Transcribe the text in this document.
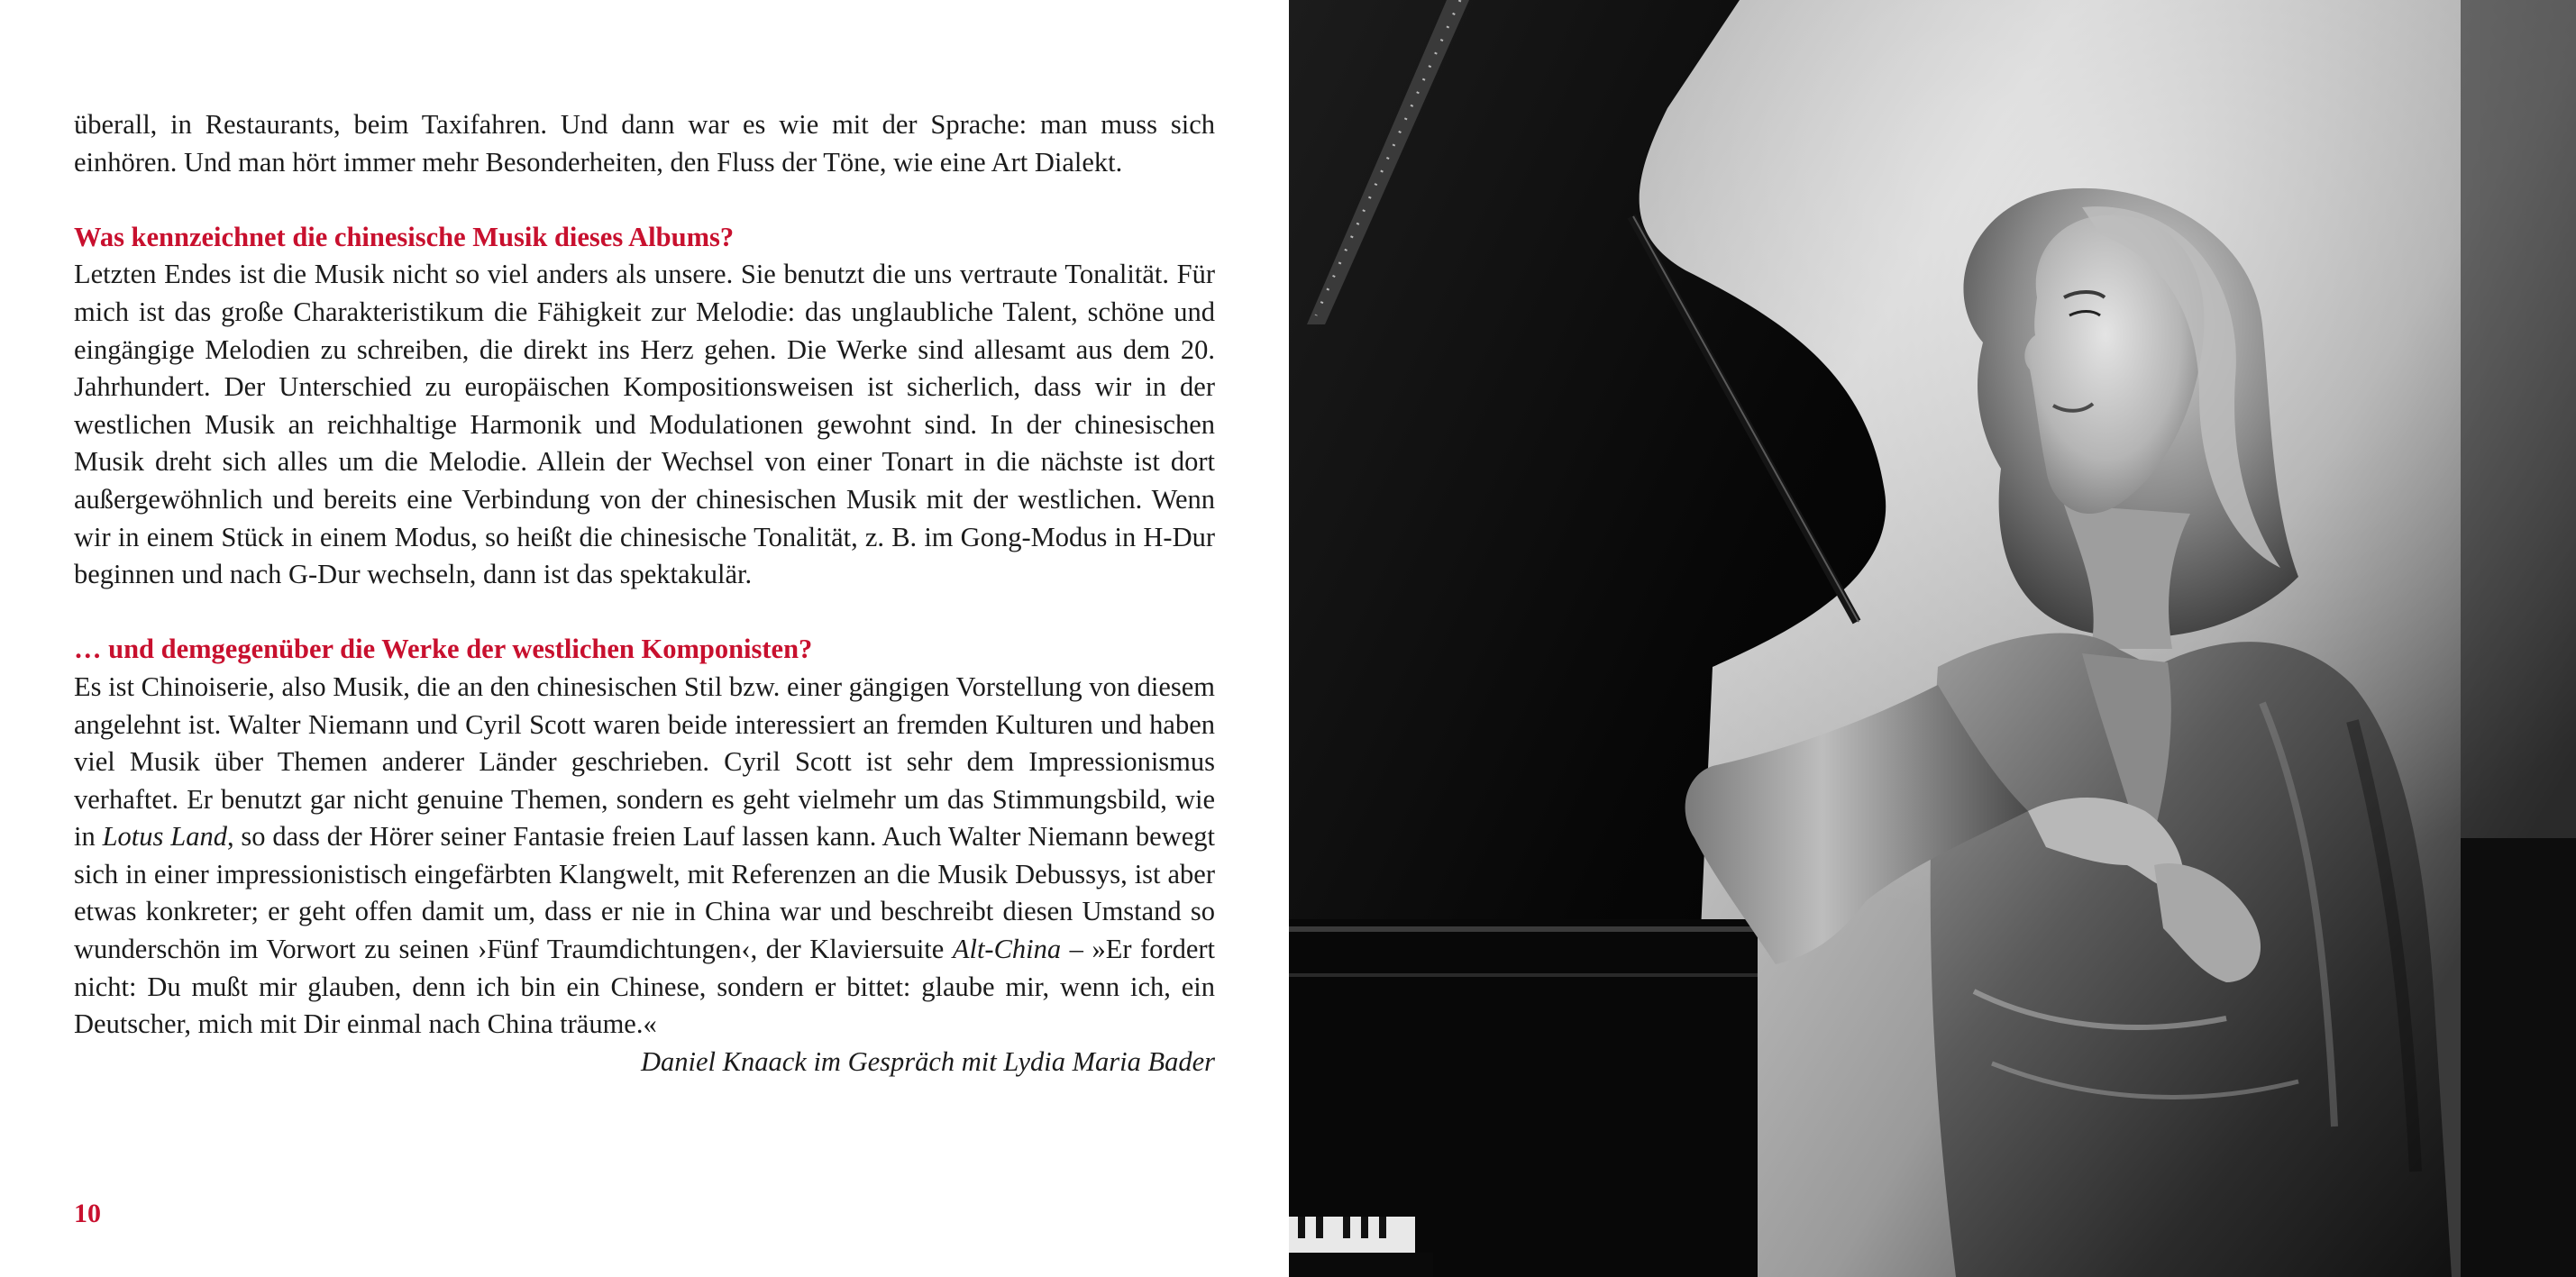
überall, in Restaurants, beim Taxifahren. Und dann war es wie mit der Sprache: man muss sich einhören. Und man hört immer mehr Besonderheiten, den Fluss der Töne, wie eine Art Dialekt.

Was kennzeichnet die chinesische Musik dieses Albums?

Letzten Endes ist die Musik nicht so viel anders als unsere. Sie benutzt die uns vertraute Tonalität. Für mich ist das große Charakteristikum die Fähigkeit zur Melodie: das unglaubliche Talent, schöne und eingängige Melodien zu schreiben, die direkt ins Herz gehen. Die Werke sind allesamt aus dem 20. Jahrhundert. Der Unterschied zu europäischen Kompositionsweisen ist sicherlich, dass wir in der westlichen Musik an reichhaltige Harmonik und Modulationen gewohnt sind. In der chinesischen Musik dreht sich alles um die Melodie. Allein der Wechsel von einer Tonart in die nächste ist dort außergewöhnlich und bereits eine Verbindung von der chinesischen Musik mit der westlichen. Wenn wir in einem Stück in einem Modus, so heißt die chinesische Tonalität, z. B. im Gong-Modus in H-Dur beginnen und nach G-Dur wechseln, dann ist das spektakulär.

… und demgegenüber die Werke der westlichen Komponisten?

Es ist Chinoiserie, also Musik, die an den chinesischen Stil bzw. einer gängigen Vorstellung von diesem angelehnt ist. Walter Niemann und Cyril Scott waren beide interessiert an fremden Kulturen und haben viel Musik über Themen anderer Länder geschrieben. Cyril Scott ist sehr dem Impressionismus verhaftet. Er benutzt gar nicht genuine Themen, sondern es geht vielmehr um das Stimmungsbild, wie in Lotus Land, so dass der Hörer seiner Fantasie freien Lauf lassen kann. Auch Walter Niemann bewegt sich in einer impressionistisch eingefärbten Klangwelt, mit Referenzen an die Musik Debussys, ist aber etwas konkreter; er geht offen damit um, dass er nie in China war und beschreibt diesen Umstand so wunderschön im Vorwort zu seinen ›Fünf Traumdichtungen‹, der Klaviersuite Alt-China – »Er fordert nicht: Du mußt mir glauben, denn ich bin ein Chinese, sondern er bittet: glaube mir, wenn ich, ein Deutscher, mich mit Dir einmal nach China träume.«

Daniel Knaack im Gespräch mit Lydia Maria Bader

10
